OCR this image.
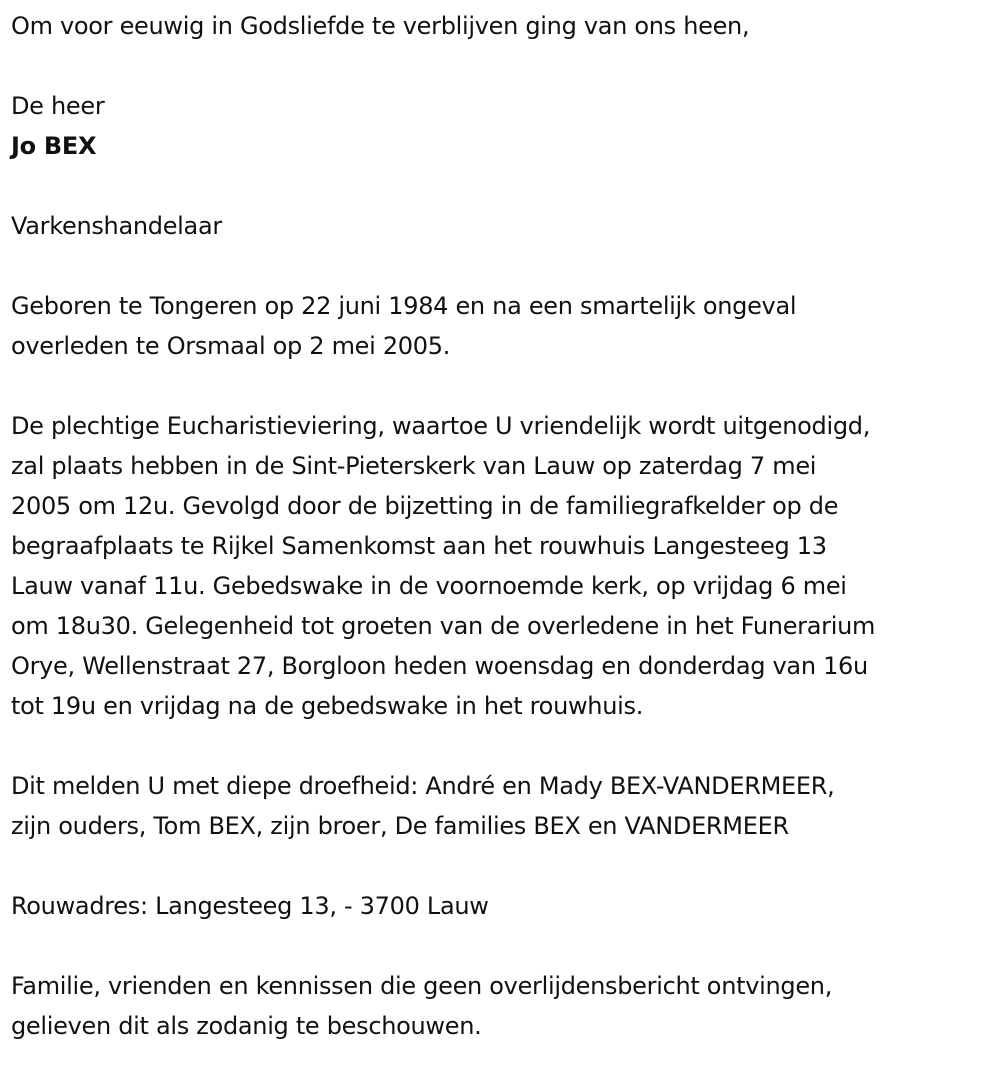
Om voor eeuwig in Godsliefde te verblijven ging van ons heen,
De heer
Jo BEX
Varkenshandelaar
Geboren te Tongeren op 22 juni 1984 en na een smartelijk ongeval
overleden te Orsmaal op 2 mei 2005.
De plechtige Eucharistieviering, waartoe U vriendelijk wordt uitgenodigd,
zal plaats hebben in de Sint-Pieterskerk van Lauw op zaterdag 7 mei
2005 om 12u. Gevolgd door de bijzetting in de familiegrafkelder op de
begraafplaats te Rijkel Samenkomst aan het rouwhuis Langesteeg 13
Lauw vanaf 11u. Gebedswake in de voornoemde kerk, op vrijdag 6 mei
om 18u30. Gelegenheid tot groeten van de overledene in het Funerarium
Orye, Wellenstraat 27, Borgloon heden woensdag en donderdag van 16u
tot 19u en vrijdag na de gebedswake in het rouwhuis.
Dit melden U met diepe droefheid: André en Mady BEX-VANDERMEER,
zijn ouders, Tom BEX, zijn broer, De families BEX en VANDERMEER
Rouwadres: Langesteeg 13, - 3700 Lauw
Familie, vrienden en kennissen die geen overlijdensbericht ontvingen,
gelieven dit als zodanig te beschouwen.
